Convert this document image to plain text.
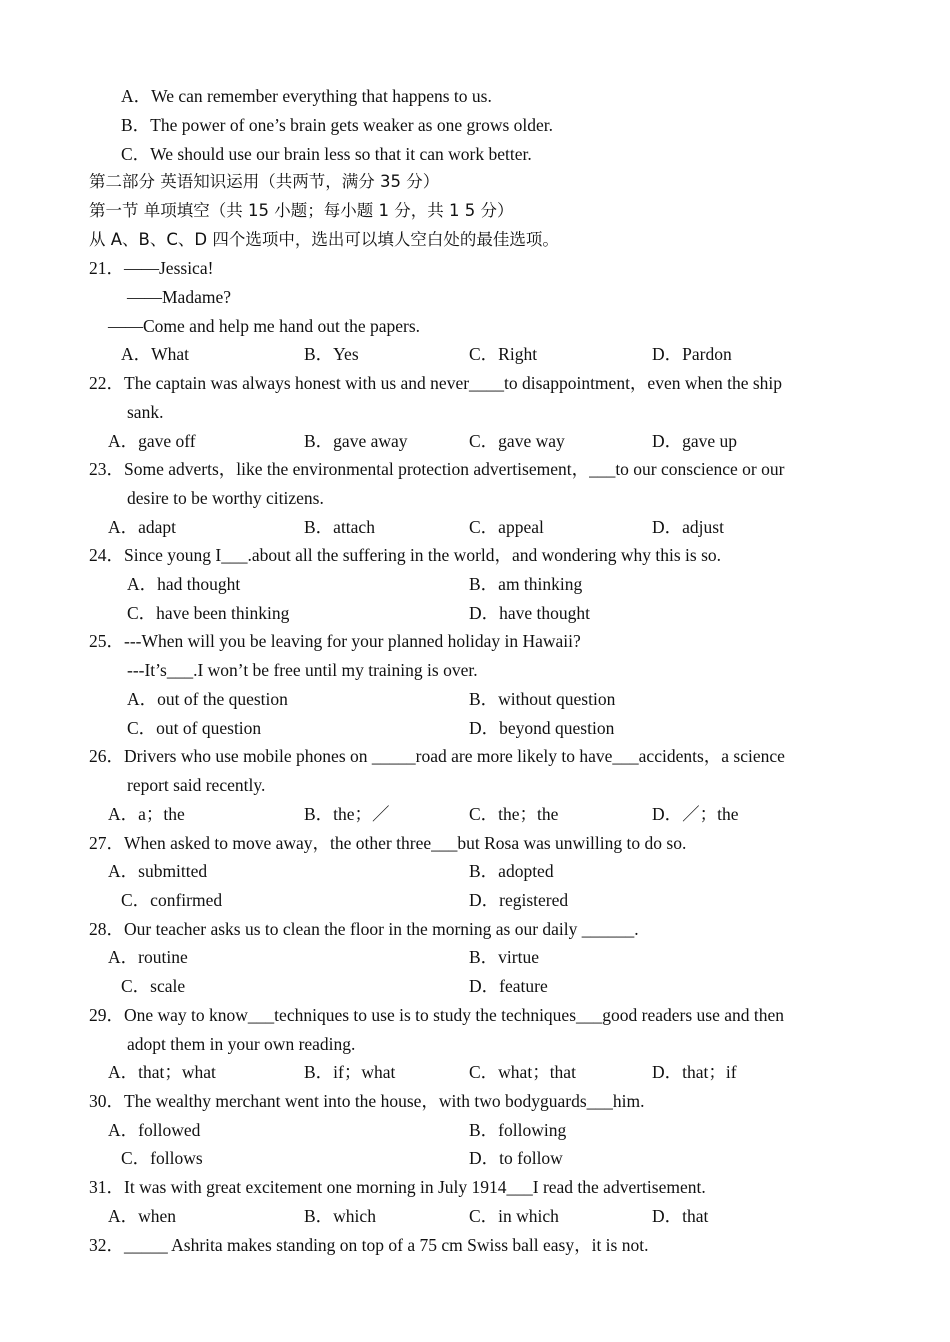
A．We can remember everything that happens to us.
B．The power of one’s brain gets weaker as one grows older.
C．We should use our brain less so that it can work better.
第二部分 英语知识运用（共两节，满分 35 分）
第一节 单项填空（共 15 小题；每小题 1 分，共 1 5 分）
从 A、B、C、D 四个选项中，选出可以填人空白处的最佳选项。
21．——Jessica!
——Madame?
——Come and help me hand out the papers.
A．What	B．Yes	C．Right	D．Pardon
22．The captain was always honest with us and never____to disappointment，even when the ship
sank.
A．gave off	B．gave away	C．gave way	D．gave up
23．Some adverts，like the environmental protection advertisement，___to our conscience or our
desire to be worthy citizens.
A．adapt	B．attach	C．appeal	D．adjust
24．Since young I___.about all the suffering in the world，and wondering why this is so.
A．had thought	B．am thinking
C．have been thinking	D．have thought
25．---When will you be leaving for your planned holiday in Hawaii?
---It’s___.I won’t be free until my training is over.
A．out of the question	B．without question
C．out of question	D．beyond question
26．Drivers who use mobile phones on _____road are more likely to have___accidents，a science
report said recently.
A．a；the	B．the；／	C．the；the	D．／；the
27．When asked to move away，the other three___but Rosa was unwilling to do so.
A．submitted	B．adopted
C．confirmed	D．registered
28．Our teacher asks us to clean the floor in the morning as our daily ______.
A．routine	B．virtue
C．scale	D．feature
29．One way to know___techniques to use is to study the techniques___good readers use and then
adopt them in your own reading.
A．that；what	B．if；what	C．what；that	D．that；if
30．The wealthy merchant went into the house，with two bodyguards___him.
A．followed	B．following
C．follows	D．to follow
31．It was with great excitement one morning in July 1914___I read the advertisement.
A．when	B．which	C．in which	D．that
32．_____ Ashrita makes standing on top of a 75 cm Swiss ball easy，it is not.
